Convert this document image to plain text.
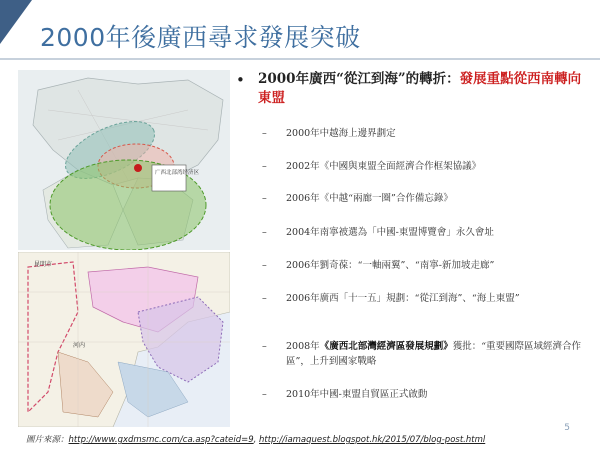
2000年後廣西尋求發展突破
广西北部湾经济区
昆明市
河内
• 2000年廣西“從江到海”的轉折：發展重點從西南轉向東盟
– 2000年中越海上邊界劃定
– 2002年《中國與東盟全面經濟合作框架協議》
– 2006年《中越“兩廊一圈”合作備忘錄》
– 2004年南寧被選為「中國-東盟博覽會」永久會址
– 2006年劉奇葆：“一軸兩翼”、“南寧-新加坡走廊”
– 2006年廣西「十一五」規劃：“從江到海”、“海上東盟”
– 2008年《廣西北部灣經濟區發展規劃》獲批：“重要國際區域經濟合作區”，上升到國家戰略
– 2010年中國-東盟自貿區正式啟動
5
圖片來源：http://www.gxdmsmc.com/ca.asp?cateid=9, http://iamaquest.blogspot.hk/2015/07/blog-post.html
